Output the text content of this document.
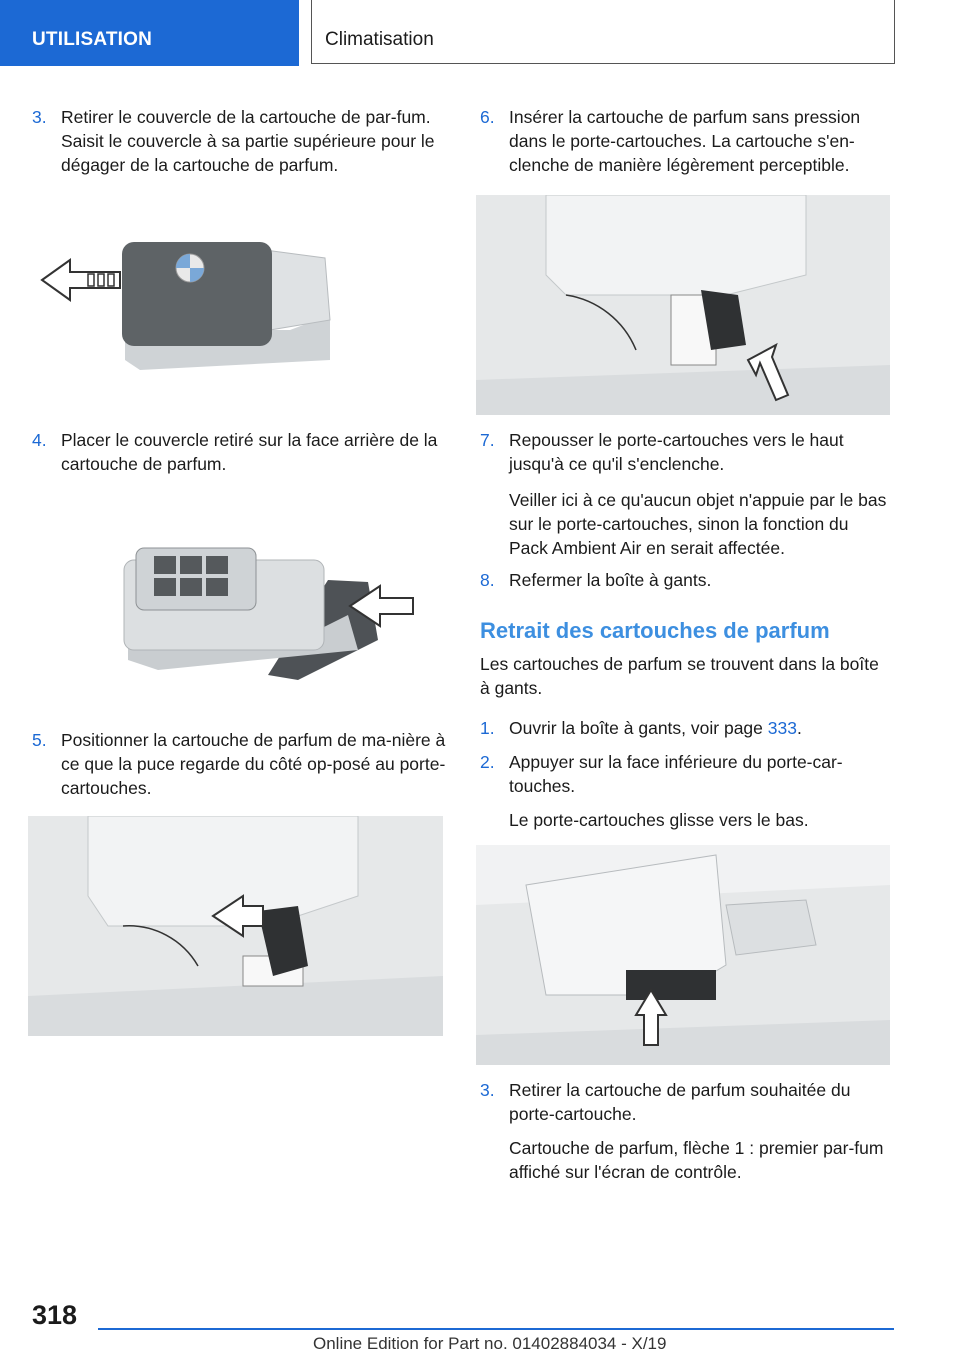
UTILISATION	Climatisation
3. Retirer le couvercle de la cartouche de par-fum. Saisit le couvercle à sa partie supérieure pour le dégager de la cartouche de parfum.
4. Placer le couvercle retiré sur la face arrière de la cartouche de parfum.
5. Positionner la cartouche de parfum de ma-nière à ce que la puce regarde du côté op-posé au porte-cartouches.
6. Insérer la cartouche de parfum sans pression dans le porte-cartouches. La cartouche s'en-clenche de manière légèrement perceptible.
7. Repousser le porte-cartouches vers le haut jusqu'à ce qu'il s'enclenche.
Veiller ici à ce qu'aucun objet n'appuie par le bas sur le porte-cartouches, sinon la fonction du Pack Ambient Air en serait affectée.
8. Refermer la boîte à gants.
Retrait des cartouches de parfum
Les cartouches de parfum se trouvent dans la boîte à gants.
1. Ouvrir la boîte à gants, voir page 333.
2. Appuyer sur la face inférieure du porte-car-touches.
Le porte-cartouches glisse vers le bas.
3. Retirer la cartouche de parfum souhaitée du porte-cartouche.
Cartouche de parfum, flèche 1 : premier par-fum affiché sur l'écran de contrôle.
318
Online Edition for Part no. 01402884034 - X/19
